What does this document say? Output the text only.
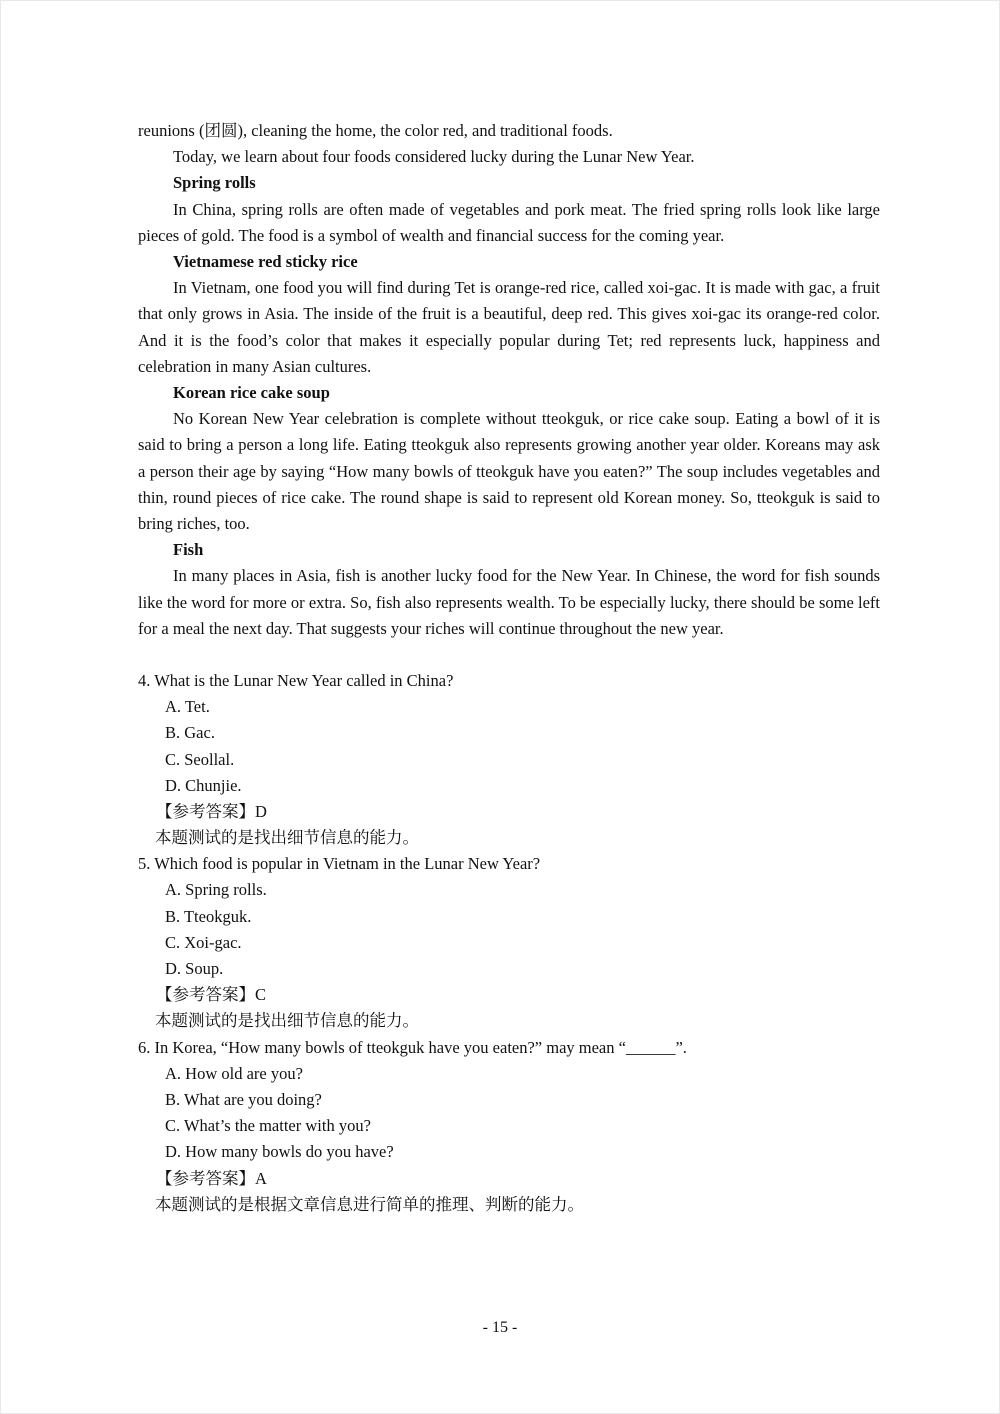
reunions (团圆), cleaning the home, the color red, and traditional foods.

Today, we learn about four foods considered lucky during the Lunar New Year.

Spring rolls

In China, spring rolls are often made of vegetables and pork meat. The fried spring rolls look like large pieces of gold. The food is a symbol of wealth and financial success for the coming year.

Vietnamese red sticky rice

In Vietnam, one food you will find during Tet is orange-red rice, called xoi-gac. It is made with gac, a fruit that only grows in Asia. The inside of the fruit is a beautiful, deep red. This gives xoi-gac its orange-red color. And it is the food’s color that makes it especially popular during Tet; red represents luck, happiness and celebration in many Asian cultures.

Korean rice cake soup

No Korean New Year celebration is complete without tteokguk, or rice cake soup. Eating a bowl of it is said to bring a person a long life. Eating tteokguk also represents growing another year older. Koreans may ask a person their age by saying “How many bowls of tteokguk have you eaten?” The soup includes vegetables and thin, round pieces of rice cake. The round shape is said to represent old Korean money. So, tteokguk is said to bring riches, too.

Fish

In many places in Asia, fish is another lucky food for the New Year. In Chinese, the word for fish sounds like the word for more or extra. So, fish also represents wealth. To be especially lucky, there should be some left for a meal the next day. That suggests your riches will continue throughout the new year.

4. What is the Lunar New Year called in China?

A. Tet.

B. Gac.

C. Seollal.

D. Chunjie.

【参考答案】D

本题测试的是找出细节信息的能力。

5. Which food is popular in Vietnam in the Lunar New Year?

A. Spring rolls.

B. Tteokguk.

C. Xoi-gac.

D. Soup.

【参考答案】C

本题测试的是找出细节信息的能力。

6. In Korea, “How many bowls of tteokguk have you eaten?” may mean “______”.

A. How old are you?

B. What are you doing?

C. What’s the matter with you?

D. How many bowls do you have?

【参考答案】A

本题测试的是根据文章信息进行简单的推理、判断的能力。

- 15 -
